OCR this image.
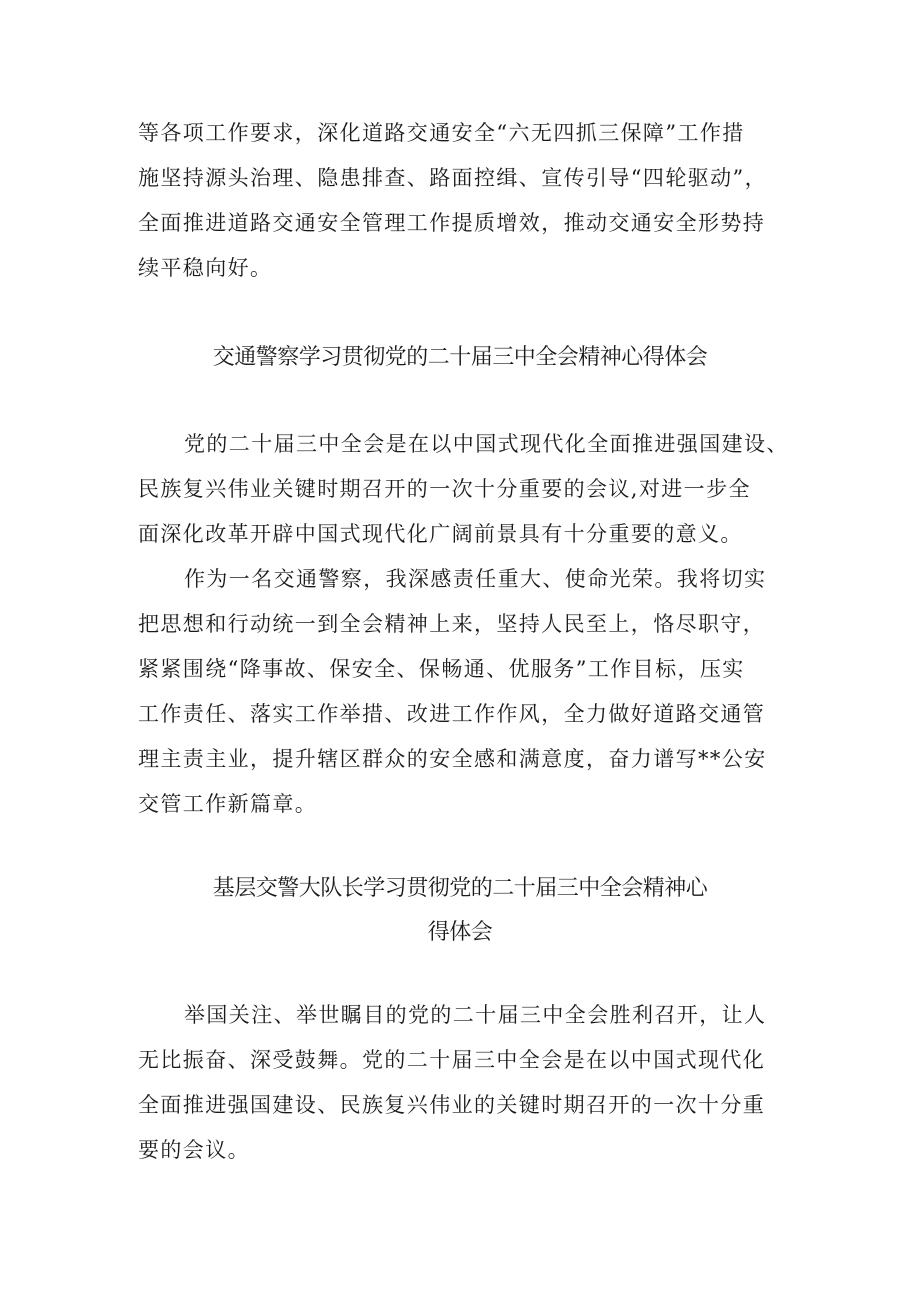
等各项工作要求，深化道路交通安全“六无四抓三保障”工作措
施坚持源头治理、隐患排查、路面控缉、宣传引导“四轮驱动”，
全面推进道路交通安全管理工作提质增效，推动交通安全形势持
续平稳向好。
交通警察学习贯彻党的二十届三中全会精神心得体会
党的二十届三中全会是在以中国式现代化全面推进强国建设、
民族复兴伟业关键时期召开的一次十分重要的会议,对进一步全
面深化改革开辟中国式现代化广阔前景具有十分重要的意义。
作为一名交通警察，我深感责任重大、使命光荣。我将切实
把思想和行动统一到全会精神上来，坚持人民至上，恪尽职守，
紧紧围绕“降事故、保安全、保畅通、优服务”工作目标，压实
工作责任、落实工作举措、改进工作作风，全力做好道路交通管
理主责主业，提升辖区群众的安全感和满意度，奋力谱写**公安
交管工作新篇章。
基层交警大队长学习贯彻党的二十届三中全会精神心
得体会
举国关注、举世瞩目的党的二十届三中全会胜利召开，让人
无比振奋、深受鼓舞。党的二十届三中全会是在以中国式现代化
全面推进强国建设、民族复兴伟业的关键时期召开的一次十分重
要的会议。
